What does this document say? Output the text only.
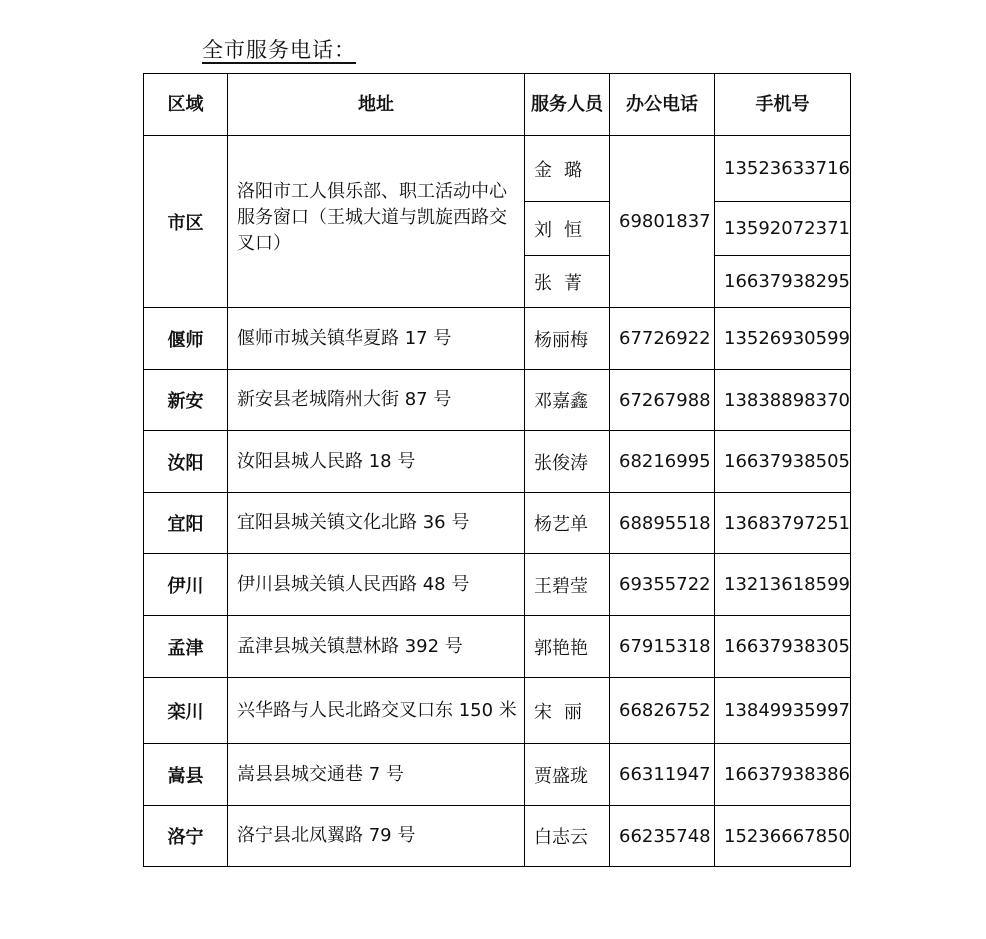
全市服务电话：
区域	地址	服务人员	办公电话	手机号
市区	洛阳市工人俱乐部、职工活动中心服务窗口（王城大道与凯旋西路交叉口）	金璐	69801837	13523633716
		刘恒		13592072371
		张菁		16637938295
偃师	偃师市城关镇华夏路 17 号	杨丽梅	67726922	13526930599
新安	新安县老城隋州大街 87 号	邓嘉鑫	67267988	13838898370
汝阳	汝阳县城人民路 18 号	张俊涛	68216995	16637938505
宜阳	宜阳县城关镇文化北路 36 号	杨艺单	68895518	13683797251
伊川	伊川县城关镇人民西路 48 号	王碧莹	69355722	13213618599
孟津	孟津县城关镇慧林路 392 号	郭艳艳	67915318	16637938305
栾川	兴华路与人民北路交叉口东 150 米	宋丽	66826752	13849935997
嵩县	嵩县县城交通巷 7 号	贾盛珑	66311947	16637938386
洛宁	洛宁县北凤翼路 79 号	白志云	66235748	15236667850
